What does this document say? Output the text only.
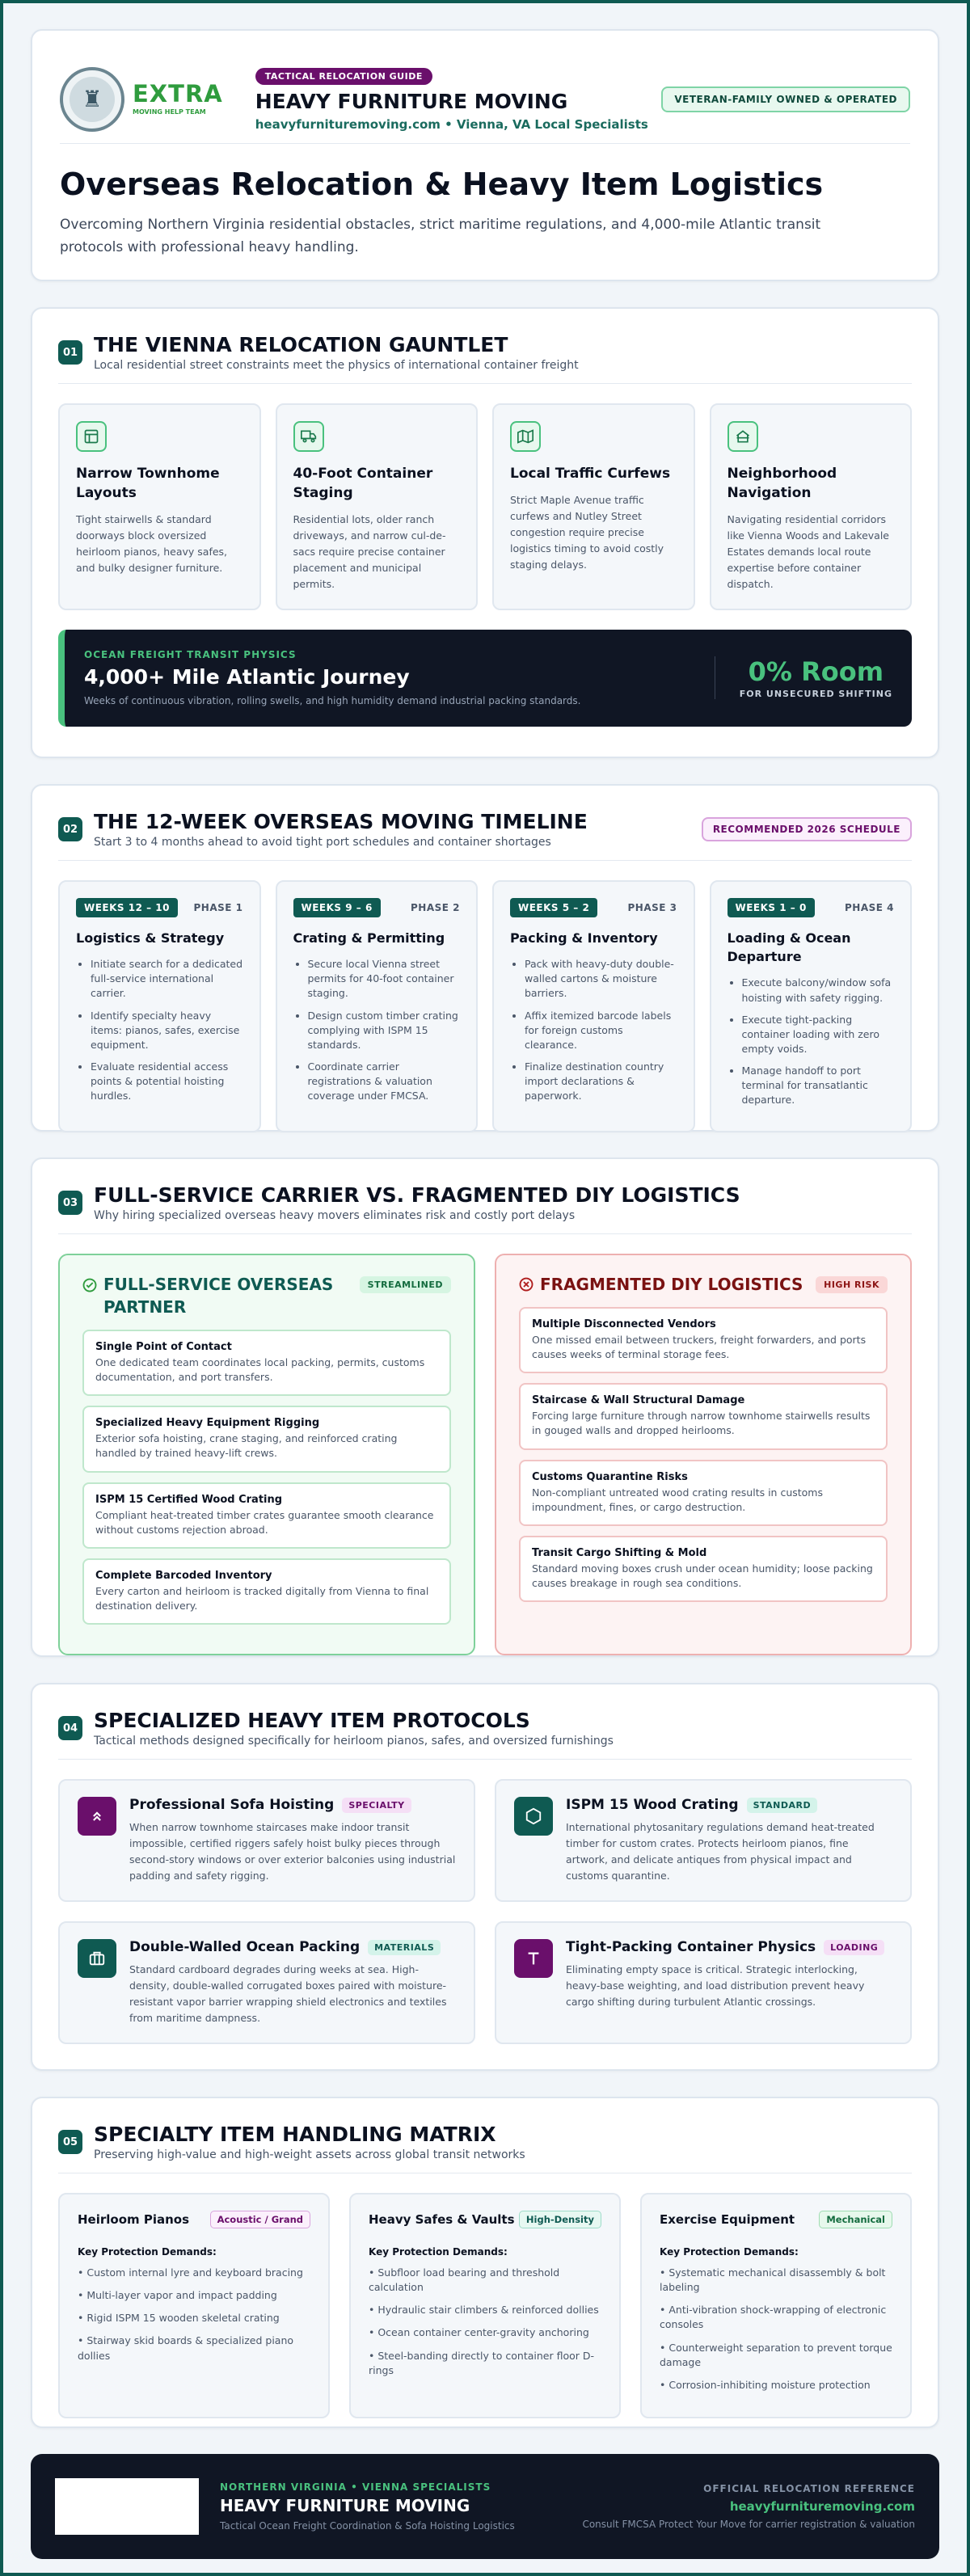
♜	EXTRA
MOVING HELP TEAM
TACTICAL RELOCATION GUIDE
HEAVY FURNITURE MOVING
heavyfurnituremoving.com • Vienna, VA Local Specialists
VETERAN-FAMILY OWNED & OPERATED
Overseas Relocation & Heavy Item Logistics

Overcoming Northern Virginia residential obstacles, strict maritime regulations, and 4,000-mile Atlantic transit protocols with professional heavy handling.

01 THE VIENNA RELOCATION GAUNTLET
Local residential street constraints meet the physics of international container freight
Narrow Townhome Layouts
Tight stairwells & standard doorways block oversized heirloom pianos, heavy safes, and bulky designer furniture.
40-Foot Container Staging
Residential lots, older ranch driveways, and narrow cul-de-sacs require precise container placement and municipal permits.
Local Traffic Curfews
Strict Maple Avenue traffic curfews and Nutley Street congestion require precise logistics timing to avoid costly staging delays.
Neighborhood Navigation
Navigating residential corridors like Vienna Woods and Lakevale Estates demands local route expertise before container dispatch.
OCEAN FREIGHT TRANSIT PHYSICS
4,000+ Mile Atlantic Journey
Weeks of continuous vibration, rolling swells, and high humidity demand industrial packing standards.
0% Room
FOR UNSECURED SHIFTING
02 THE 12-WEEK OVERSEAS MOVING TIMELINE
Start 3 to 4 months ahead to avoid tight port schedules and container shortages
RECOMMENDED 2026 SCHEDULE
WEEKS 12 – 10	PHASE 1
Logistics & Strategy
• Initiate search for a dedicated full-service international carrier.
• Identify specialty heavy items: pianos, safes, exercise equipment.
• Evaluate residential access points & potential hoisting hurdles.
WEEKS 9 – 6	PHASE 2
Crating & Permitting
• Secure local Vienna street permits for 40-foot container staging.
• Design custom timber crating complying with ISPM 15 standards.
• Coordinate carrier registrations & valuation coverage under FMCSA.
WEEKS 5 – 2	PHASE 3
Packing & Inventory
• Pack with heavy-duty double-walled cartons & moisture barriers.
• Affix itemized barcode labels for foreign customs clearance.
• Finalize destination country import declarations & paperwork.
WEEKS 1 – 0	PHASE 4
Loading & Ocean Departure
• Execute balcony/window sofa hoisting with safety rigging.
• Execute tight-packing container loading with zero empty voids.
• Manage handoff to port terminal for transatlantic departure.
03 FULL-SERVICE CARRIER VS. FRAGMENTED DIY LOGISTICS
Why hiring specialized overseas heavy movers eliminates risk and costly port delays
FULL-SERVICE OVERSEAS PARTNER
STREAMLINED
Single Point of Contact
One dedicated team coordinates local packing, permits, customs documentation, and port transfers.
Specialized Heavy Equipment Rigging
Exterior sofa hoisting, crane staging, and reinforced crating handled by trained heavy-lift crews.
ISPM 15 Certified Wood Crating
Compliant heat-treated timber crates guarantee smooth clearance without customs rejection abroad.
Complete Barcoded Inventory
Every carton and heirloom is tracked digitally from Vienna to final destination delivery.
FRAGMENTED DIY LOGISTICS	HIGH RISK
Multiple Disconnected Vendors
One missed email between truckers, freight forwarders, and ports causes weeks of terminal storage fees.
Staircase & Wall Structural Damage
Forcing large furniture through narrow townhome stairwells results in gouged walls and dropped heirlooms.
Customs Quarantine Risks
Non-compliant untreated wood crating results in customs impoundment, fines, or cargo destruction.
Transit Cargo Shifting & Mold
Standard moving boxes crush under ocean humidity; loose packing causes breakage in rough sea conditions.
04 SPECIALIZED HEAVY ITEM PROTOCOLS
Tactical methods designed specifically for heirloom pianos, safes, and oversized furnishings
Professional Sofa Hoisting	SPECIALTY
When narrow townhome staircases make indoor transit impossible, certified riggers safely hoist bulky pieces through second-story windows or over exterior balconies using industrial padding and safety rigging.
ISPM 15 Wood Crating	STANDARD
International phytosanitary regulations demand heat-treated timber for custom crates. Protects heirloom pianos, fine artwork, and delicate antiques from physical impact and customs quarantine.
Double-Walled Ocean Packing	MATERIALS
Standard cardboard degrades during weeks at sea. High-density, double-walled corrugated boxes paired with moisture-resistant vapor barrier wrapping shield electronics and textiles from maritime dampness.
Tight-Packing Container Physics	LOADING
Eliminating empty space is critical. Strategic interlocking, heavy-base weighting, and load distribution prevent heavy cargo shifting during turbulent Atlantic crossings.
05 SPECIALTY ITEM HANDLING MATRIX
Preserving high-value and high-weight assets across global transit networks
Heirloom Pianos	Acoustic / Grand
Key Protection Demands:
• Custom internal lyre and keyboard bracing
• Multi-layer vapor and impact padding
• Rigid ISPM 15 wooden skeletal crating
• Stairway skid boards & specialized piano dollies
Heavy Safes & Vaults	High-Density
Key Protection Demands:
• Subfloor load bearing and threshold calculation
• Hydraulic stair climbers & reinforced dollies
• Ocean container center-gravity anchoring
• Steel-banding directly to container floor D-rings
Exercise Equipment	Mechanical
Key Protection Demands:
• Systematic mechanical disassembly & bolt labeling
• Anti-vibration shock-wrapping of electronic consoles
• Counterweight separation to prevent torque damage
• Corrosion-inhibiting moisture protection
NORTHERN VIRGINIA • VIENNA SPECIALISTS
HEAVY FURNITURE MOVING
Tactical Ocean Freight Coordination & Sofa Hoisting Logistics
OFFICIAL RELOCATION REFERENCE
heavyfurnituremoving.com
Consult FMCSA Protect Your Move for carrier registration & valuation
